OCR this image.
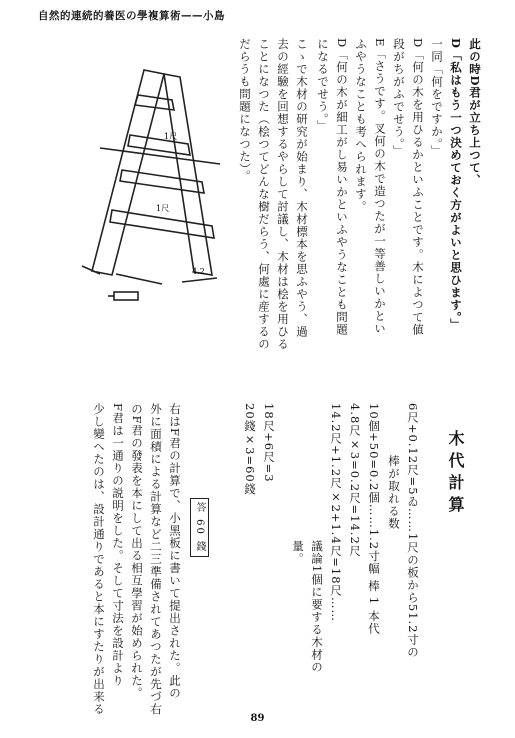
自然的連続的養医の學複算術——小島
此の時D君が立ち上つて、
D「私はもう一つ決めておく方がよいと思ひます。」
一同「何をですか。」
D「何の木を用ひるかといふことです。木によつて値
段がちがふでせう。」
E「さうです。叉何の木で造つたが一等善しいかとい
ふやうなことも考へられます。
D「何の木が細工がし易いかといふやうなことも問題
になるでせう。」
こゝで木材の研究が始まり、木材標本を思ふやう、過
去の經驗を回想するやらして討議し、木材は桧を用ひる
ことになつた（桧つてどんな樹だらう、何處に産するの
だらうも問題になつた）。
1尺
1尺
4.2
木代計算
6尺+0.12尺=5ゐ……1尺の板から51.2寸の
棒が取れる数
10個+50=0.2個……1.2寸幅 棒 1 本代
4.8尺×3=0.2尺=14.2尺
14.2尺+1.2尺×2+1.4尺=18尺……
議論1個に要する木材の
量。
18尺+6尺=3
20錢×3=60錢
答 60 錢
右はF君の計算で、小黑板に書いて提出された。此の
外に面積による計算など二三準備されてあつたが先づ右
のF君の發表を本にして出る相互學習が始められた。
F君は一通りの説明をした。そして寸法を設計より
少し變へたのは、設計通りであると本にすたりが出来る
89
